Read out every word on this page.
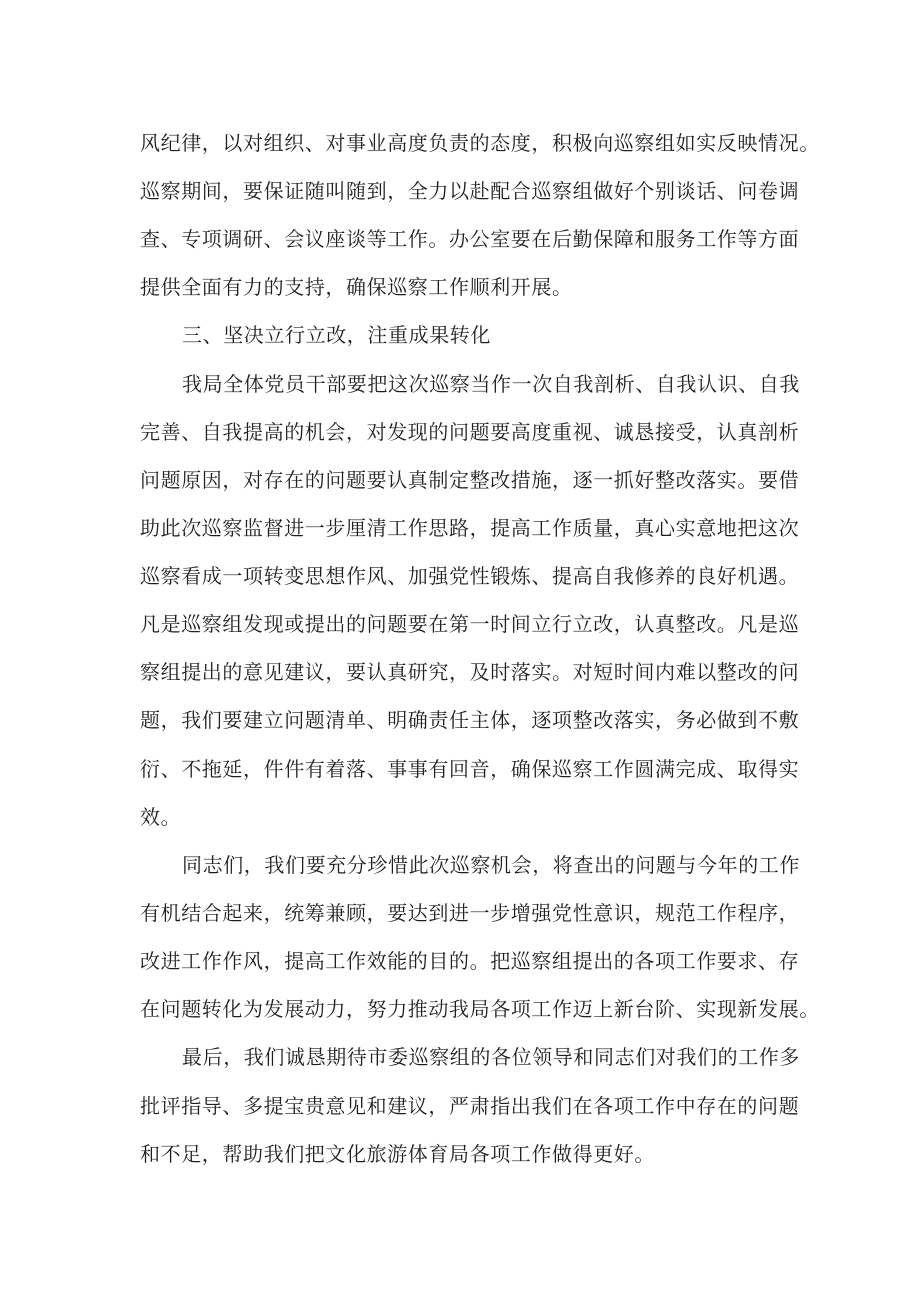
风纪律，以对组织、对事业高度负责的态度，积极向巡察组如实反映情况。
巡察期间，要保证随叫随到，全力以赴配合巡察组做好个别谈话、问卷调
查、专项调研、会议座谈等工作。办公室要在后勤保障和服务工作等方面
提供全面有力的支持，确保巡察工作顺利开展。
三、坚决立行立改，注重成果转化
我局全体党员干部要把这次巡察当作一次自我剖析、自我认识、自我
完善、自我提高的机会，对发现的问题要高度重视、诚恳接受，认真剖析
问题原因，对存在的问题要认真制定整改措施，逐一抓好整改落实。要借
助此次巡察监督进一步厘清工作思路，提高工作质量，真心实意地把这次
巡察看成一项转变思想作风、加强党性锻炼、提高自我修养的良好机遇。
凡是巡察组发现或提出的问题要在第一时间立行立改，认真整改。凡是巡
察组提出的意见建议，要认真研究，及时落实。对短时间内难以整改的问
题，我们要建立问题清单、明确责任主体，逐项整改落实，务必做到不敷
衍、不拖延，件件有着落、事事有回音，确保巡察工作圆满完成、取得实
效。
同志们，我们要充分珍惜此次巡察机会，将查出的问题与今年的工作
有机结合起来，统筹兼顾，要达到进一步增强党性意识，规范工作程序，
改进工作作风，提高工作效能的目的。把巡察组提出的各项工作要求、存
在问题转化为发展动力，努力推动我局各项工作迈上新台阶、实现新发展。
最后，我们诚恳期待市委巡察组的各位领导和同志们对我们的工作多
批评指导、多提宝贵意见和建议，严肃指出我们在各项工作中存在的问题
和不足，帮助我们把文化旅游体育局各项工作做得更好。
